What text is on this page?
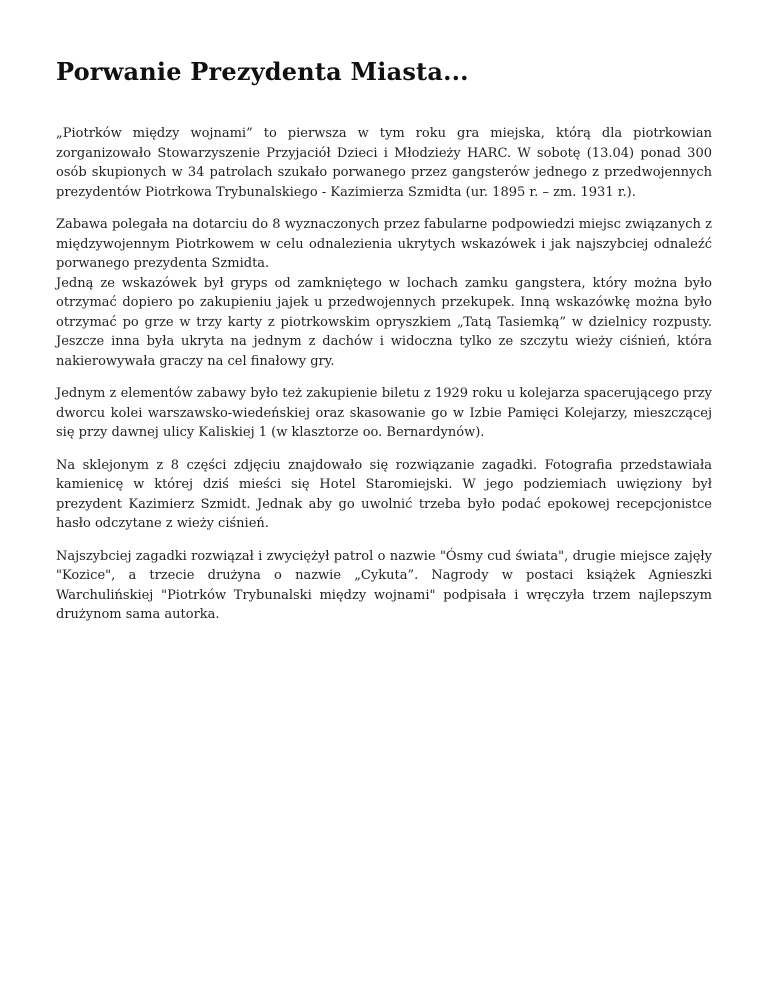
Porwanie Prezydenta Miasta...

„Piotrków między wojnami” to pierwsza w tym roku gra miejska, którą dla piotrkowian zorganizowało Stowarzyszenie Przyjaciół Dzieci i Młodzieży HARC. W sobotę (13.04) ponad 300 osób skupionych w 34 patrolach szukało porwanego przez gangsterów jednego z przedwojennych prezydentów Piotrkowa Trybunalskiego - Kazimierza Szmidta (ur. 1895 r. – zm. 1931 r.).

Zabawa polegała na dotarciu do 8 wyznaczonych przez fabularne podpowiedzi miejsc związanych z międzywojennym Piotrkowem w celu odnalezienia ukrytych wskazówek i jak najszybciej odnaleźć porwanego prezydenta Szmidta.
Jedną ze wskazówek był gryps od zamkniętego w lochach zamku gangstera, który można było otrzymać dopiero po zakupieniu jajek u przedwojennych przekupek. Inną wskazówkę można było otrzymać po grze w trzy karty z piotrkowskim opryszkiem „Tatą Tasiemką” w dzielnicy rozpusty. Jeszcze inna była ukryta na jednym z dachów i widoczna tylko ze szczytu wieży ciśnień, która nakierowywała graczy na cel finałowy gry.

Jednym z elementów zabawy było też zakupienie biletu z 1929 roku u kolejarza spacerującego przy dworcu kolei warszawsko-wiedeńskiej oraz skasowanie go w Izbie Pamięci Kolejarzy, mieszczącej się przy dawnej ulicy Kaliskiej 1 (w klasztorze oo. Bernardynów).

Na sklejonym z 8 części zdjęciu znajdowało się rozwiązanie zagadki. Fotografia przedstawiała kamienicę w której dziś mieści się Hotel Staromiejski. W jego podziemiach uwięziony był prezydent Kazimierz Szmidt. Jednak aby go uwolnić trzeba było podać epokowej recepcjonistce hasło odczytane z wieży ciśnień.

Najszybciej zagadki rozwiązał i zwyciężył patrol o nazwie "Ósmy cud świata", drugie miejsce zajęły "Kozice", a trzecie drużyna o nazwie „Cykuta”. Nagrody w postaci książek Agnieszki Warchulińskiej "Piotrków Trybunalski między wojnami" podpisała i wręczyła trzem najlepszym drużynom sama autorka.
